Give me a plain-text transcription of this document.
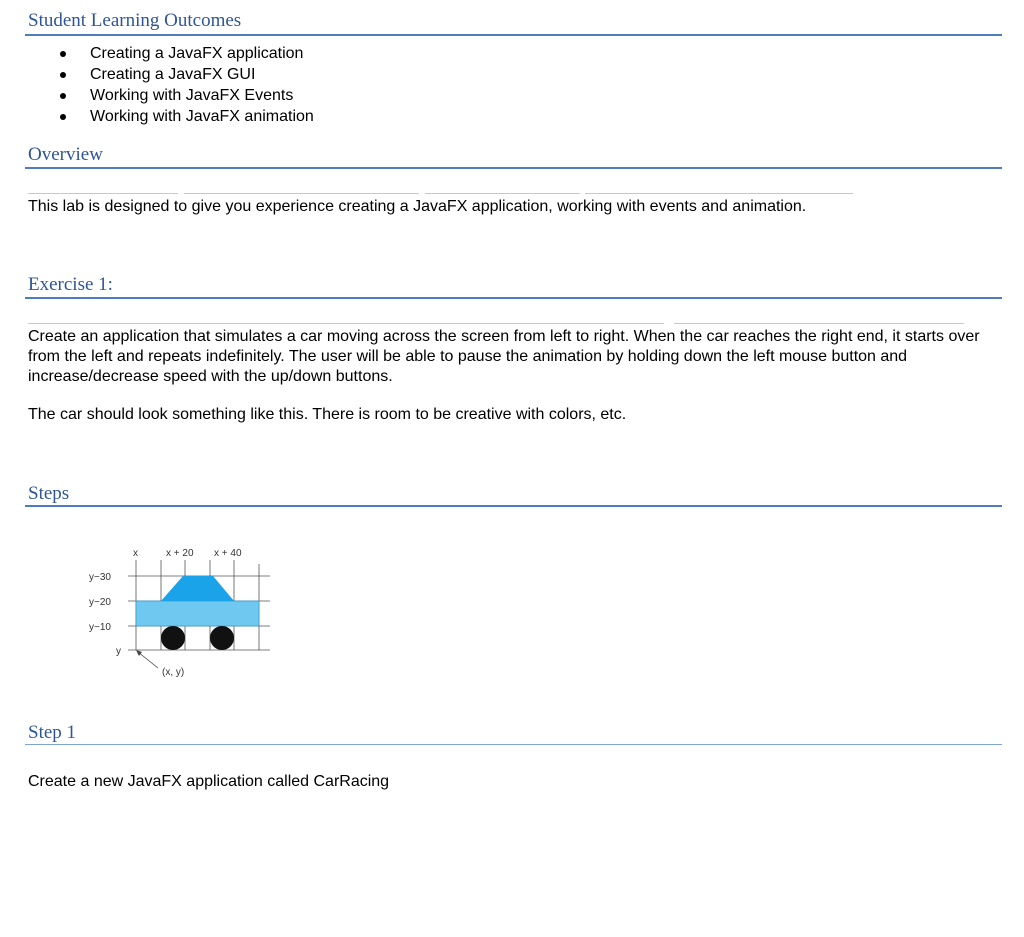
Student Learning Outcomes
Creating a JavaFX application
Creating a JavaFX GUI
Working with JavaFX Events
Working with JavaFX animation
Overview

This lab is designed to give you experience creating a JavaFX application, working with events and animation.

Exercise 1:

Create an application that simulates a car moving across the screen from left to right. When the car reaches the right end, it starts over from the left and repeats indefinitely. The user will be able to pause the animation by holding down the left mouse button and increase/decrease speed with the up/down buttons.

The car should look something like this. There is room to be creative with colors, etc.

Steps
x	x + 20 x + 40
y−30
y−20
y−10
y
(x, y)
Step 1

Create a new JavaFX application called CarRacing
